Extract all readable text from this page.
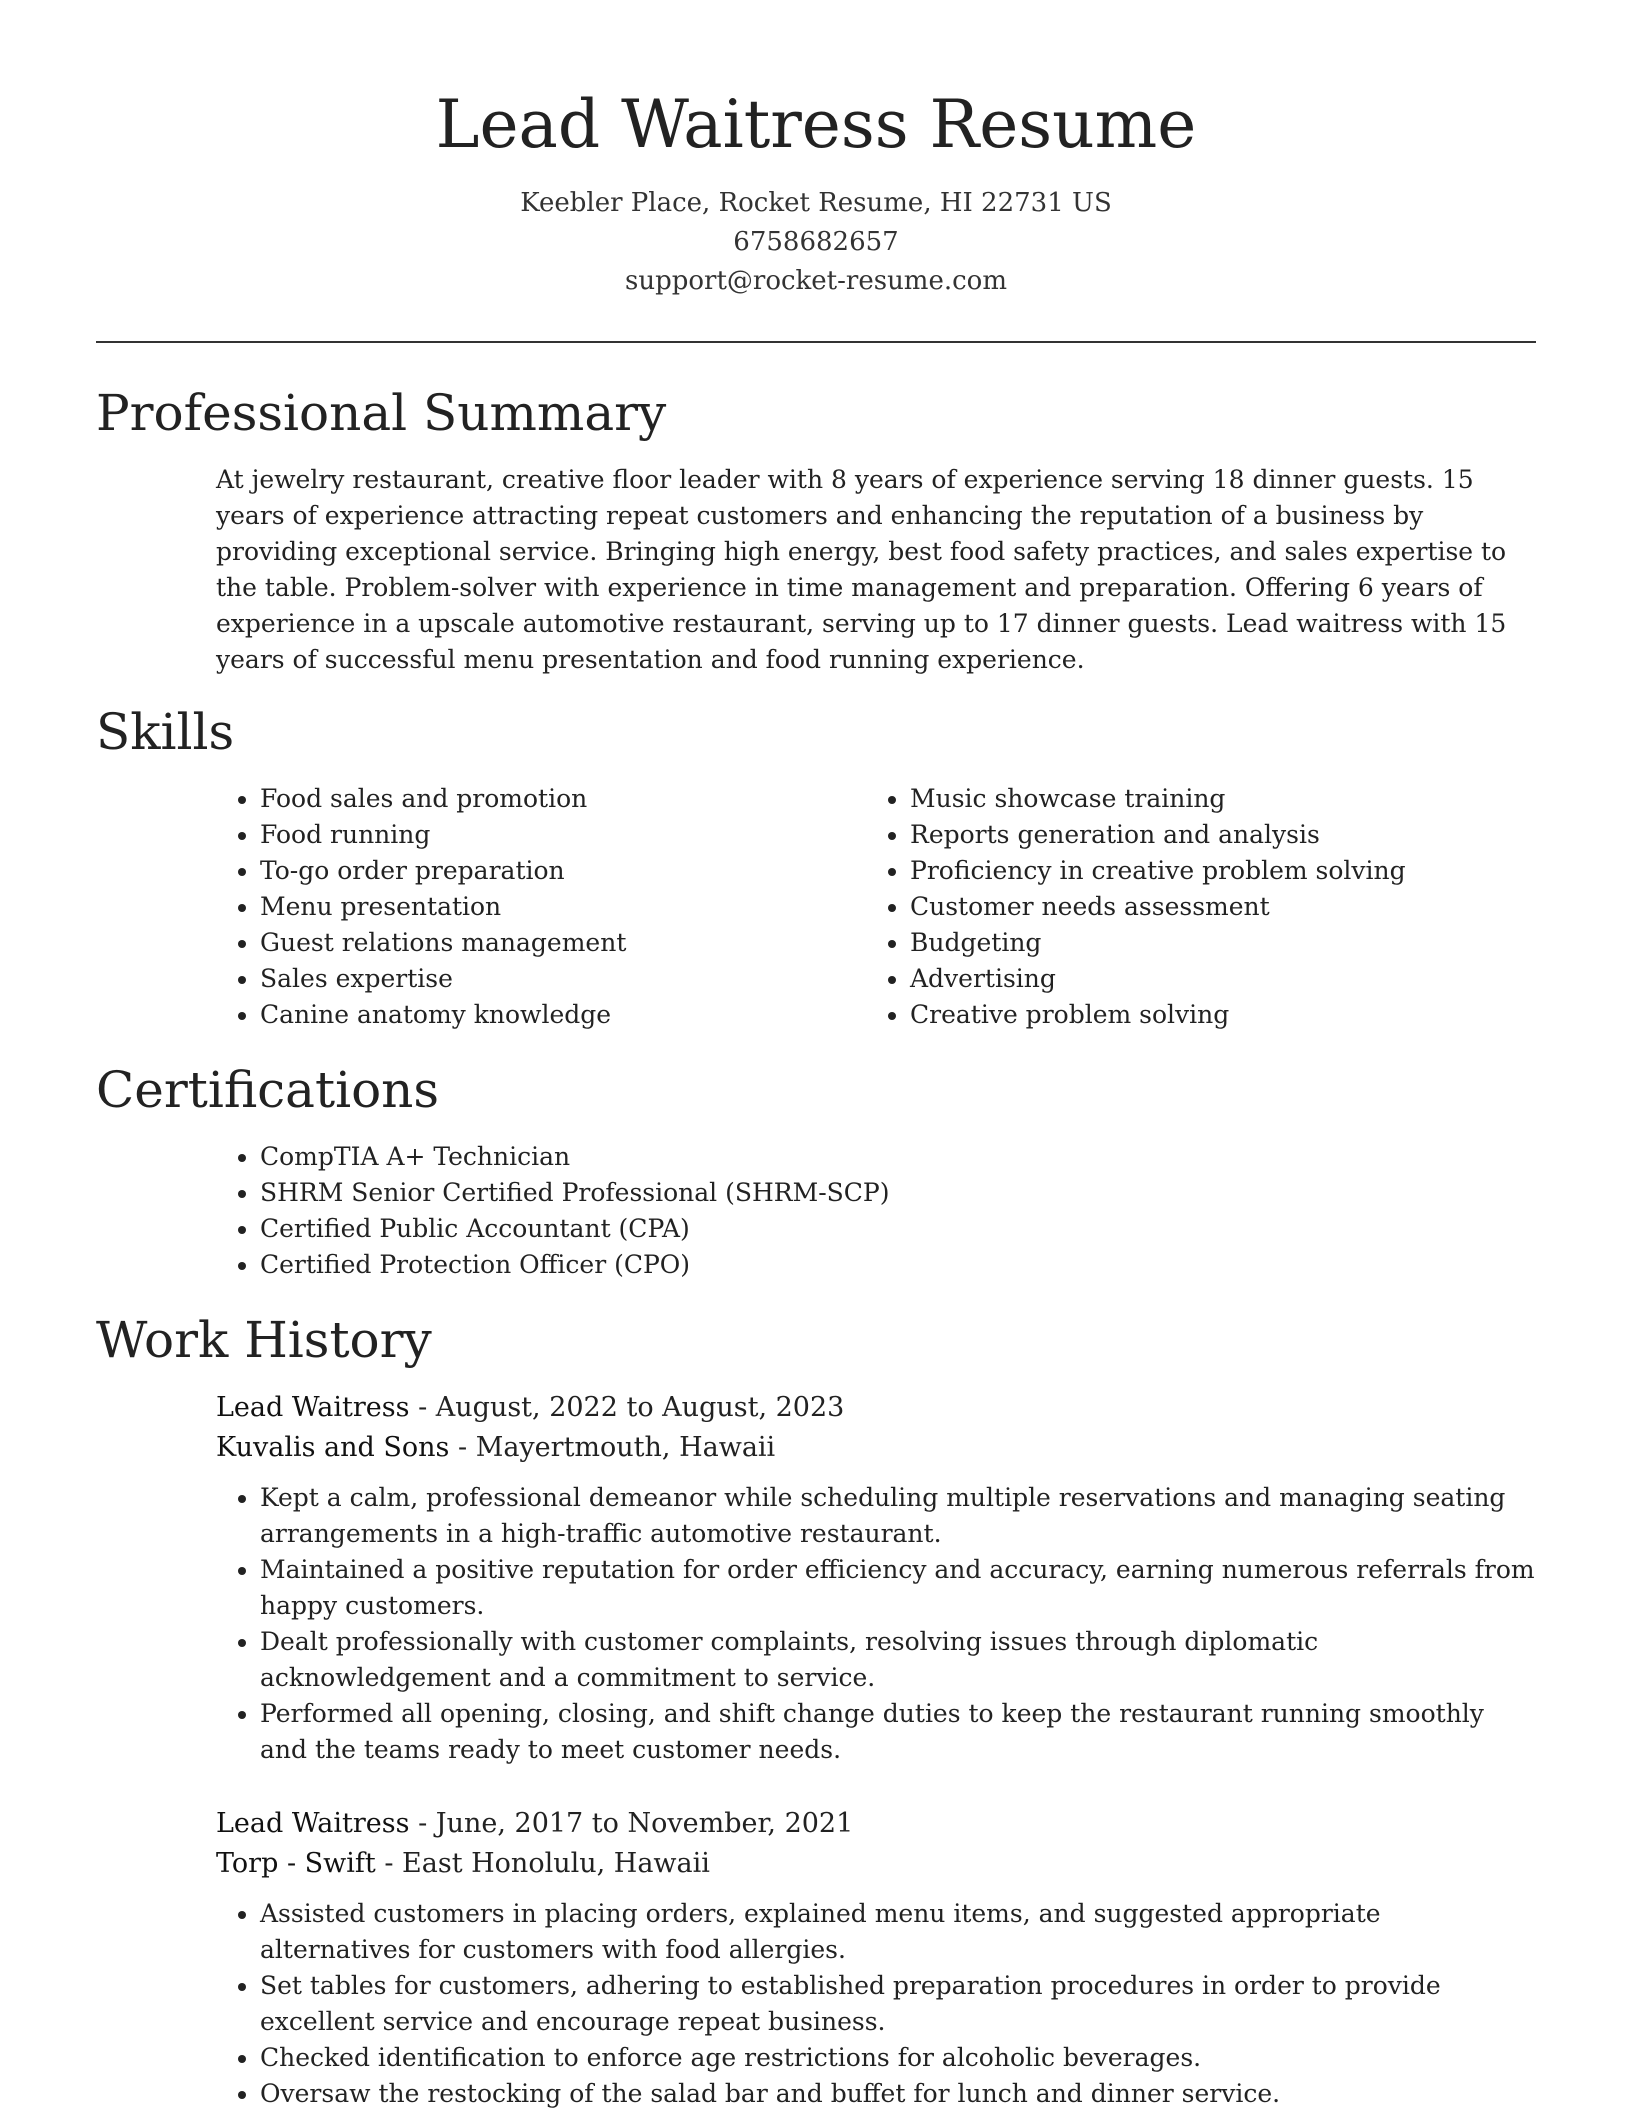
Lead Waitress Resume
Keebler Place, Rocket Resume, HI 22731 US
6758682657
support@rocket-resume.com
Professional Summary

At jewelry restaurant, creative floor leader with 8 years of experience serving 18 dinner guests. 15 years of experience attracting repeat customers and enhancing the reputation of a business by providing exceptional service. Bringing high energy, best food safety practices, and sales expertise to the table. Problem-solver with experience in time management and preparation. Offering 6 years of experience in a upscale automotive restaurant, serving up to 17 dinner guests. Lead waitress with 15 years of successful menu presentation and food running experience.

Skills
• Food sales and promotion
• Food running
• To-go order preparation
• Menu presentation
• Guest relations management
• Sales expertise
• Canine anatomy knowledge
• Music showcase training
• Reports generation and analysis
• Proficiency in creative problem solving
• Customer needs assessment
• Budgeting
• Advertising
• Creative problem solving
Certifications
• CompTIA A+ Technician
• SHRM Senior Certified Professional (SHRM-SCP)
• Certified Public Accountant (CPA)
• Certified Protection Officer (CPO)
Work History
Lead Waitress - August, 2022 to August, 2023
Kuvalis and Sons - Mayertmouth, Hawaii
• Kept a calm, professional demeanor while scheduling multiple reservations and managing seating arrangements in a high-traffic automotive restaurant.
• Maintained a positive reputation for order efficiency and accuracy, earning numerous referrals from happy customers.
• Dealt professionally with customer complaints, resolving issues through diplomatic acknowledgement and a commitment to service.
• Performed all opening, closing, and shift change duties to keep the restaurant running smoothly and the teams ready to meet customer needs.
Lead Waitress - June, 2017 to November, 2021
Torp - Swift - East Honolulu, Hawaii
• Assisted customers in placing orders, explained menu items, and suggested appropriate alternatives for customers with food allergies.
• Set tables for customers, adhering to established preparation procedures in order to provide excellent service and encourage repeat business.
• Checked identification to enforce age restrictions for alcoholic beverages.
• Oversaw the restocking of the salad bar and buffet for lunch and dinner service.
